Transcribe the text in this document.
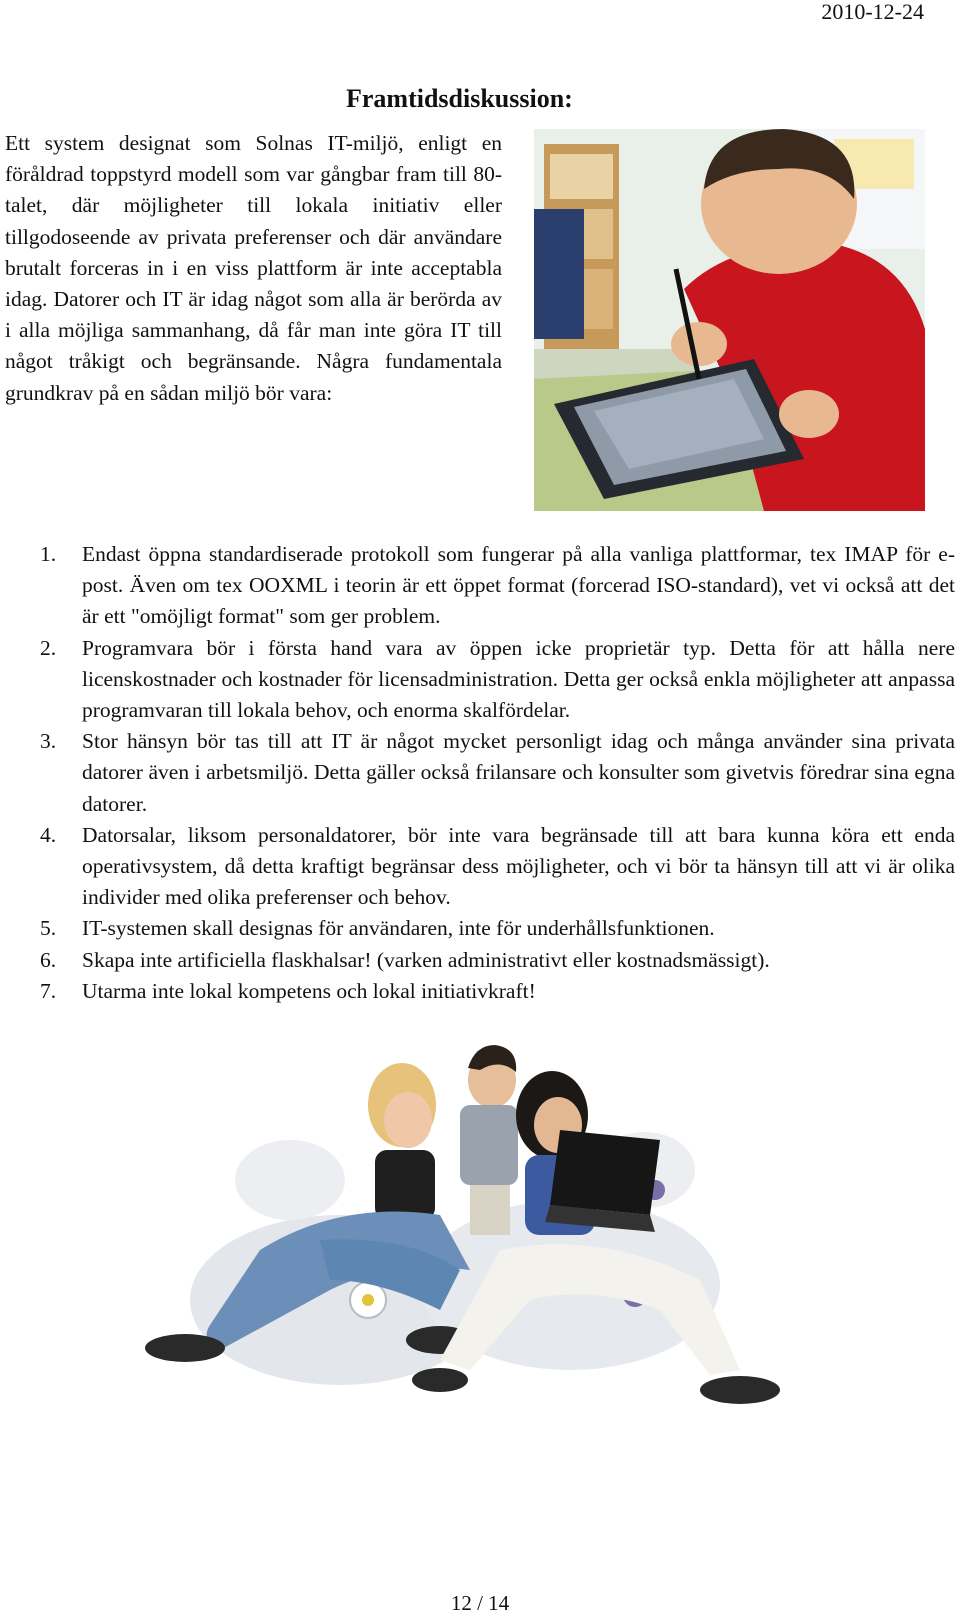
2010-12-24
Framtidsdiskussion:

Ett system designat som Solnas IT-miljö, enligt en föråldrad toppstyrd modell som var gångbar fram till 80-talet, där möjligheter till lokala initiativ eller tillgodoseende av privata preferenser och där användare brutalt forceras in i en viss plattform är inte acceptabla idag. Datorer och IT är idag något som alla är berörda av i alla möjliga sammanhang, då får man inte göra IT till något tråkigt och begränsande. Några fundamentala grundkrav på en sådan miljö bör vara:

1. Endast öppna standardiserade protokoll som fungerar på alla vanliga plattformar, tex IMAP för e-post. Även om tex OOXML i teorin är ett öppet format (forcerad ISO-standard), vet vi också att det är ett "omöjligt format" som ger problem.
2. Programvara bör i första hand vara av öppen icke proprietär typ. Detta för att hålla nere licenskostnader och kostnader för licensadministration. Detta ger också enkla möjligheter att anpassa programvaran till lokala behov, och enorma skalfördelar.
3. Stor hänsyn bör tas till att IT är något mycket personligt idag och många använder sina privata datorer även i arbetsmiljö. Detta gäller också frilansare och konsulter som givetvis föredrar sina egna datorer.
4. Datorsalar, liksom personaldatorer, bör inte vara begränsade till att bara kunna köra ett enda operativsystem, då detta kraftigt begränsar dess möjligheter, och vi bör ta hänsyn till att vi är olika individer med olika preferenser och behov.
5. IT-systemen skall designas för användaren, inte för underhållsfunktionen.
6. Skapa inte artificiella flaskhalsar! (varken administrativt eller kostnadsmässigt).
7. Utarma inte lokal kompetens och lokal initiativkraft!
12 / 14
